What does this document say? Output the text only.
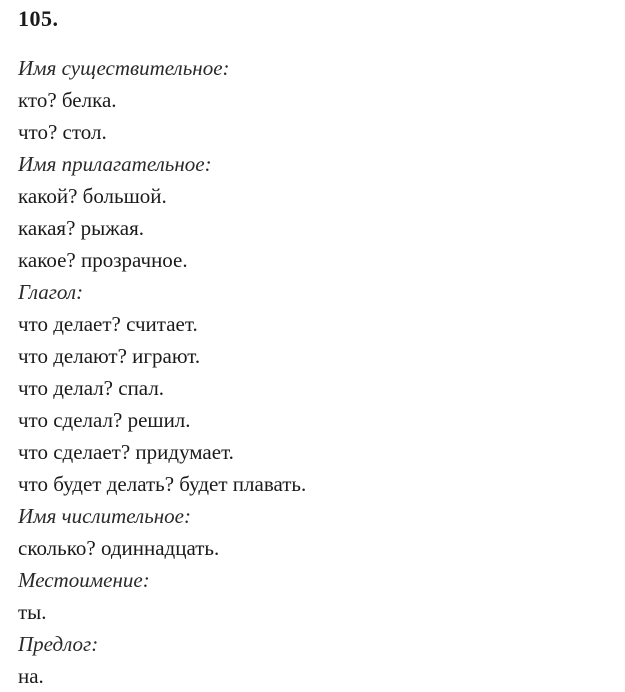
105.
Имя существительное:
кто? белка.
что? стол.
Имя прилагательное:
какой? большой.
какая? рыжая.
какое? прозрачное.
Глагол:
что делает? считает.
что делают? играют.
что делал? спал.
что сделал? решил.
что сделает? придумает.
что будет делать? будет плавать.
Имя числительное:
сколько? одиннадцать.
Местоимение:
ты.
Предлог:
на.
